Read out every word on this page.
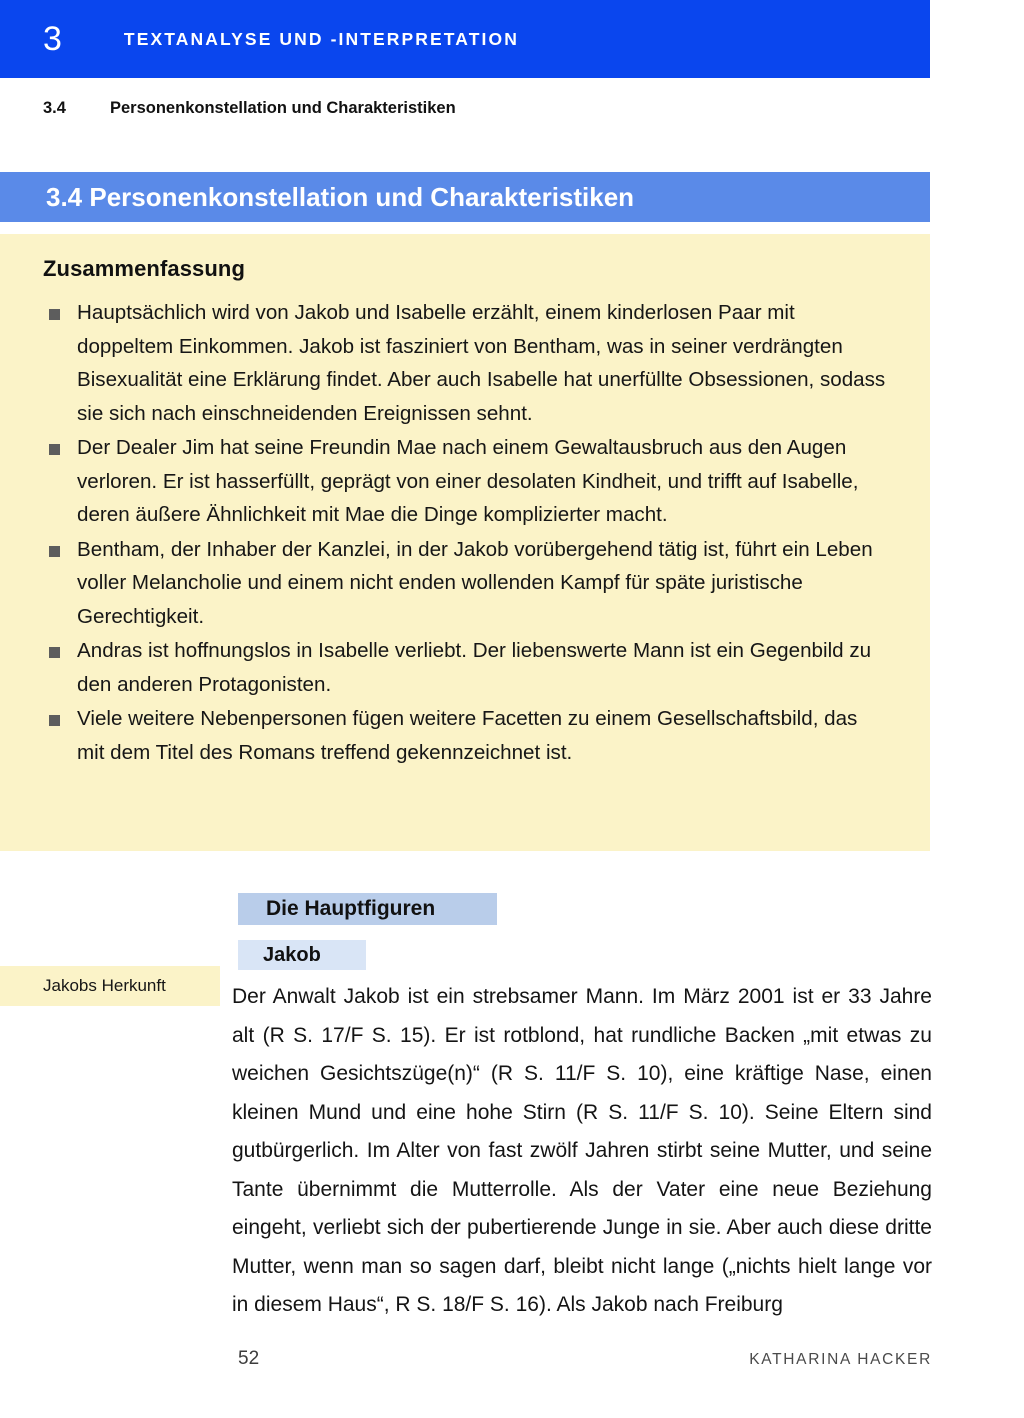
3	TEXTANALYSE UND -INTERPRETATION
3.4	Personenkonstellation und Charakteristiken
3.4 Personenkonstellation und Charakteristiken
Zusammenfassung
Hauptsächlich wird von Jakob und Isabelle erzählt, einem kinderlosen Paar mit doppeltem Einkommen. Jakob ist fasziniert von Bentham, was in seiner verdrängten Bisexualität eine Erklärung findet. Aber auch Isabelle hat unerfüllte Obsessionen, sodass sie sich nach einschneidenden Ereignissen sehnt.
Der Dealer Jim hat seine Freundin Mae nach einem Gewaltausbruch aus den Augen verloren. Er ist hasserfüllt, geprägt von einer desolaten Kindheit, und trifft auf Isabelle, deren äußere Ähnlichkeit mit Mae die Dinge komplizierter macht.
Bentham, der Inhaber der Kanzlei, in der Jakob vorübergehend tätig ist, führt ein Leben voller Melancholie und einem nicht enden wollenden Kampf für späte juristische Gerechtigkeit.
Andras ist hoffnungslos in Isabelle verliebt. Der liebenswerte Mann ist ein Gegenbild zu den anderen Protagonisten.
Viele weitere Nebenpersonen fügen weitere Facetten zu einem Gesellschaftsbild, das mit dem Titel des Romans treffend gekennzeichnet ist.
Die Hauptfiguren
Jakob
Jakobs Herkunft	Der Anwalt Jakob ist ein strebsamer Mann. Im März 2001 ist er 33 Jahre alt (R S. 17/F S. 15). Er ist rotblond, hat rundliche Backen „mit etwas zu weichen Gesichtszüge(n)“ (R S. 11/F S. 10), eine kräftige Nase, einen kleinen Mund und eine hohe Stirn (R S. 11/F S. 10). Seine Eltern sind gutbürgerlich. Im Alter von fast zwölf Jahren stirbt seine Mutter, und seine Tante übernimmt die Mutterrolle. Als der Vater eine neue Beziehung eingeht, verliebt sich der pubertierende Junge in sie. Aber auch diese dritte Mutter, wenn man so sagen darf, bleibt nicht lange („nichts hielt lange vor in diesem Haus“, R S. 18/F S. 16). Als Jakob nach Freiburg

52	KATHARINA HACKER
